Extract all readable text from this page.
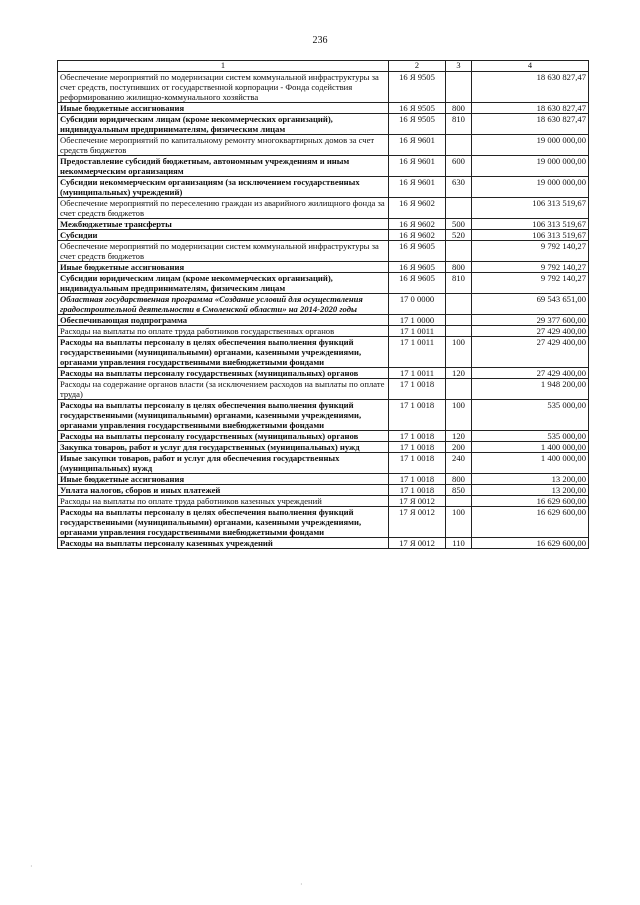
236
1	2	3	4
Обеспечение мероприятий по модернизации систем коммунальной инфраструктуры за счет средств, поступивших от государственной корпорации - Фонда содействия реформированию жилищно-коммунального хозяйства	16 Я 9505		18 630 827,47
Иные бюджетные ассигнования	16 Я 9505	800	18 630 827,47
Субсидии юридическим лицам (кроме некоммерческих организаций), индивидуальным предпринимателям, физическим лицам	16 Я 9505	810	18 630 827,47
Обеспечение мероприятий по капитальному ремонту многоквартирных домов за счет средств бюджетов	16 Я 9601		19 000 000,00
Предоставление субсидий бюджетным, автономным учреждениям и иным некоммерческим организациям	16 Я 9601	600	19 000 000,00
Субсидии некоммерческим организациям (за исключением государственных (муниципальных) учреждений)	16 Я 9601	630	19 000 000,00
Обеспечение мероприятий по переселению граждан из аварийного жилищного фонда за счет средств бюджетов	16 Я 9602		106 313 519,67
Межбюджетные трансферты	16 Я 9602	500	106 313 519,67
Субсидии	16 Я 9602	520	106 313 519,67
Обеспечение мероприятий по модернизации систем коммунальной инфраструктуры за счет средств бюджетов	16 Я 9605		9 792 140,27
Иные бюджетные ассигнования	16 Я 9605	800	9 792 140,27
Субсидии юридическим лицам (кроме некоммерческих организаций), индивидуальным предпринимателям, физическим лицам	16 Я 9605	810	9 792 140,27
Областная государственная программа «Создание условий для осуществления градостроительной деятельности в Смоленской области» на 2014-2020 годы	17 0 0000		69 543 651,00
Обеспечивающая подпрограмма	17 1 0000		29 377 600,00
Расходы на выплаты по оплате труда работников государственных органов	17 1 0011		27 429 400,00
Расходы на выплаты персоналу в целях обеспечения выполнения функций государственными (муниципальными) органами, казенными учреждениями, органами управления государственными внебюджетными фондами	17 1 0011	100	27 429 400,00
Расходы на выплаты персоналу государственных (муниципальных) органов	17 1 0011	120	27 429 400,00
Расходы на содержание органов власти (за исключением расходов на выплаты по оплате труда)	17 1 0018		1 948 200,00
Расходы на выплаты персоналу в целях обеспечения выполнения функций государственными (муниципальными) органами, казенными учреждениями, органами управления государственными внебюджетными фондами	17 1 0018	100	535 000,00
Расходы на выплаты персоналу государственных (муниципальных) органов	17 1 0018	120	535 000,00
Закупка товаров, работ и услуг для государственных (муниципальных) нужд	17 1 0018	200	1 400 000,00
Иные закупки товаров, работ и услуг для обеспечения государственных (муниципальных) нужд	17 1 0018	240	1 400 000,00
Иные бюджетные ассигнования	17 1 0018	800	13 200,00
Уплата налогов, сборов и иных платежей	17 1 0018	850	13 200,00
Расходы на выплаты по оплате труда работников казенных учреждений	17 Я 0012		16 629 600,00
Расходы на выплаты персоналу в целях обеспечения выполнения функций государственными (муниципальными) органами, казенными учреждениями, органами управления государственными внебюджетными фондами	17 Я 0012	100	16 629 600,00
Расходы на выплаты персоналу казенных учреждений	17 Я 0012	110	16 629 600,00
·
·
